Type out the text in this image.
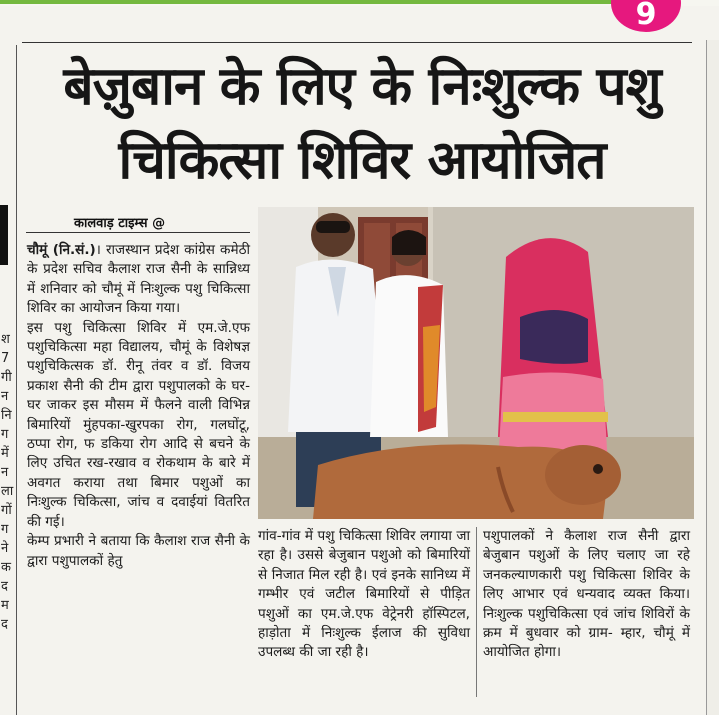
9
श
7
गी
न
नि
ग
में
न
ला
गों
ग
ने
क
द
म
द
बेज़ुबान के लिए के निःशुल्क पशु
चिकित्सा शिविर आयोजित
कालवाड़ टाइम्स @

चौमूं (नि.सं.)। राजस्थान प्रदेश कांग्रेस कमेठी के प्रदेश सचिव कैलाश राज सैनी के सान्निध्य में शनिवार को चौमूं में निःशुल्क पशु चिकित्सा शिविर का आयोजन किया गया।

इस पशु चिकित्सा शिविर में एम.जे.एफ पशुचिकित्सा महा विद्यालय, चौमूं के विशेषज्ञ पशुचिकित्सक डॉ. रीनू तंवर व डॉ. विजय प्रकाश सैनी की टीम द्वारा पशुपालको के घर-घर जाकर इस मौसम में फैलने वाली विभिन्न बिमारियों मुंहपका-खुरपका रोग, गलघोंटू, ठप्पा रोग, फ डकिया रोग आदि से बचने के लिए उचित रख-रखाव व रोकथाम के बारे में अवगत कराया तथा बिमार पशुओं का निःशुल्क चिकित्सा, जांच व दवाईयां वितरित की गई।

केम्प प्रभारी ने बताया कि कैलाश राज सैनी के द्वारा पशुपालकों हेतु

गांव-गांव में पशु चिकित्सा शिविर लगाया जा रहा है। उससे बेजुबान पशुओ को बिमारियों से निजात मिल रही है। एवं इनके सानिध्य में गम्भीर एवं जटील बिमारियों से पीड़ित पशुओं का एम.जे.एफ वेट्रेनरी हॉस्पिटल, हाड़ोता में निःशुल्क ईलाज की सुविधा उपलब्ध की जा रही है।

पशुपालकों ने कैलाश राज सैनी द्वारा बेजुबान पशुओं के लिए चलाए जा रहे जनकल्याणकारी पशु चिकित्सा शिविर के लिए आभार एवं धन्यवाद व्यक्त किया। निःशुल्क पशुचिकित्सा एवं जांच शिविरों के क्रम में बुधवार को ग्राम- म्हार, चौमूं में आयोजित होगा।
